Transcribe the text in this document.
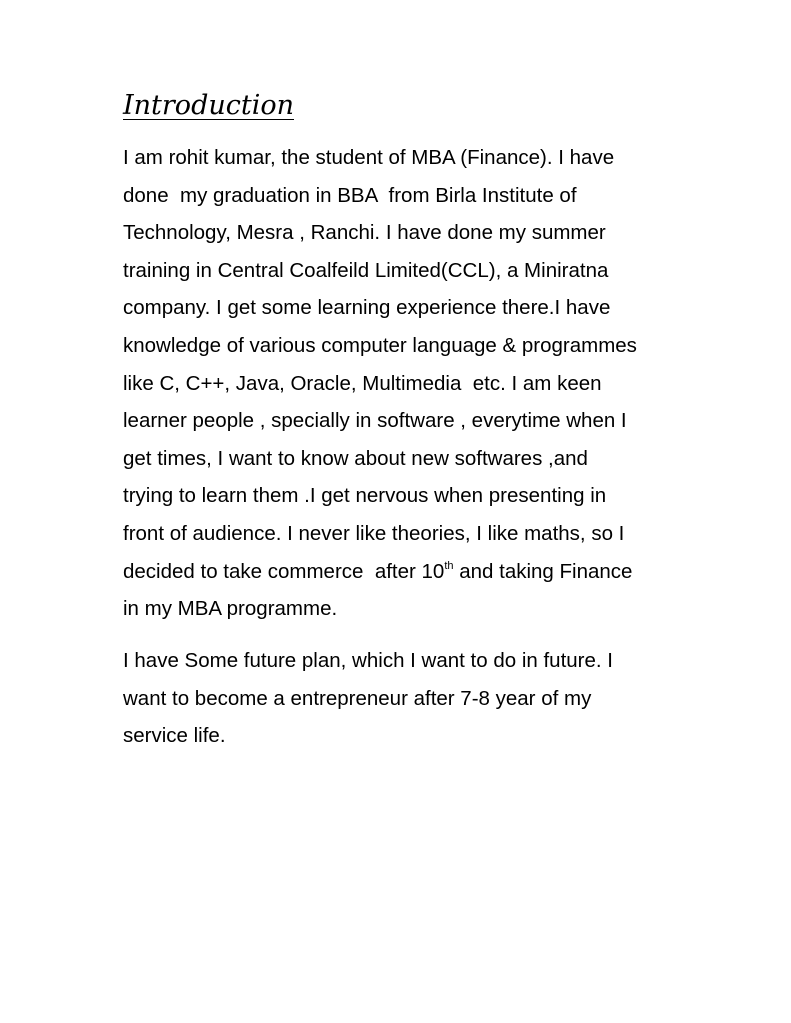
Introduction

I am rohit kumar, the student of MBA (Finance). I have
done  my graduation in BBA  from Birla Institute of
Technology, Mesra , Ranchi. I have done my summer
training in Central Coalfeild Limited(CCL), a Miniratna
company. I get some learning experience there.I have
knowledge of various computer language & programmes
like C, C++, Java, Oracle, Multimedia  etc. I am keen
learner people , specially in software , everytime when I
get times, I want to know about new softwares ,and
trying to learn them .I get nervous when presenting in
front of audience. I never like theories, I like maths, so I
decided to take commerce  after 10th and taking Finance
in my MBA programme.

I have Some future plan, which I want to do in future. I
want to become a entrepreneur after 7-8 year of my
service life.
